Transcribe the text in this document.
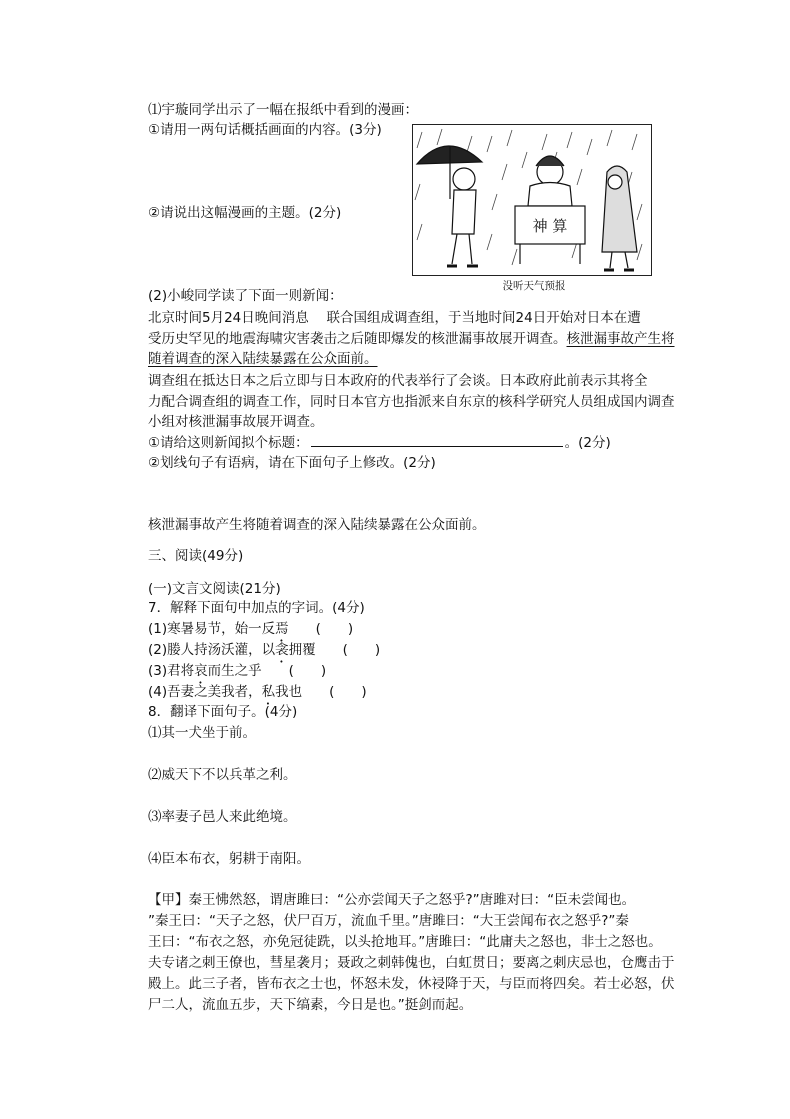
⑴宇璇同学出示了一幅在报纸中看到的漫画：
①请用一两句话概括画面的内容。(3分)
②请说出这幅漫画的主题。(2分)
神 算
没听天气预报
(2)小峻同学读了下面一则新闻：
北京时间5月24日晚间消息　 联合国组成调查组，于当地时间24日开始对日本在遭
受历史罕见的地震海啸灾害袭击之后随即爆发的核泄漏事故展开调查。核泄漏事故产生将
随着调查的深入陆续暴露在公众面前。
调查组在抵达日本之后立即与日本政府的代表举行了会谈。日本政府此前表示其将全
力配合调查组的调查工作，同时日本官方也指派来自东京的核科学研究人员组成国内调查
小组对核泄漏事故展开调查。
①请给这则新闻拟个标题：	。(2分)
②划线句子有语病，请在下面句子上修改。(2分)
核泄漏事故产生将随着调查的深入陆续暴露在公众面前。
三、阅读(49分)
(一)文言文阅读(21分)
7．解释下面句中加点的字词。(4分)
(1)寒暑易节，始一反焉　　(　　)
(2)媵人持汤沃灌，以衾拥覆　　(　　)
(3)君将哀而生之乎　　(　　)
(4)吾妻之美我者，私我也　　(　　)
8．翻译下面句子。(4分)
⑴其一犬坐于前。
⑵威天下不以兵革之利。
⑶率妻子邑人来此绝境。
⑷臣本布衣，躬耕于南阳。
【甲】秦王怫然怒，谓唐雎曰：“公亦尝闻天子之怒乎?”唐雎对曰：“臣未尝闻也。
”秦王曰：“天子之怒，伏尸百万，流血千里。”唐雎曰：“大王尝闻布衣之怒乎?”秦
王曰：“布衣之怒，亦免冠徒跣，以头抢地耳。”唐雎曰：“此庸夫之怒也，非士之怒也。
夫专诸之刺王僚也，彗星袭月；聂政之刺韩傀也，白虹贯日；要离之刺庆忌也，仓鹰击于
殿上。此三子者，皆布衣之士也，怀怒未发，休祲降于天，与臣而将四矣。若士必怒，伏
尸二人，流血五步，天下缟素，今日是也。”挺剑而起。
